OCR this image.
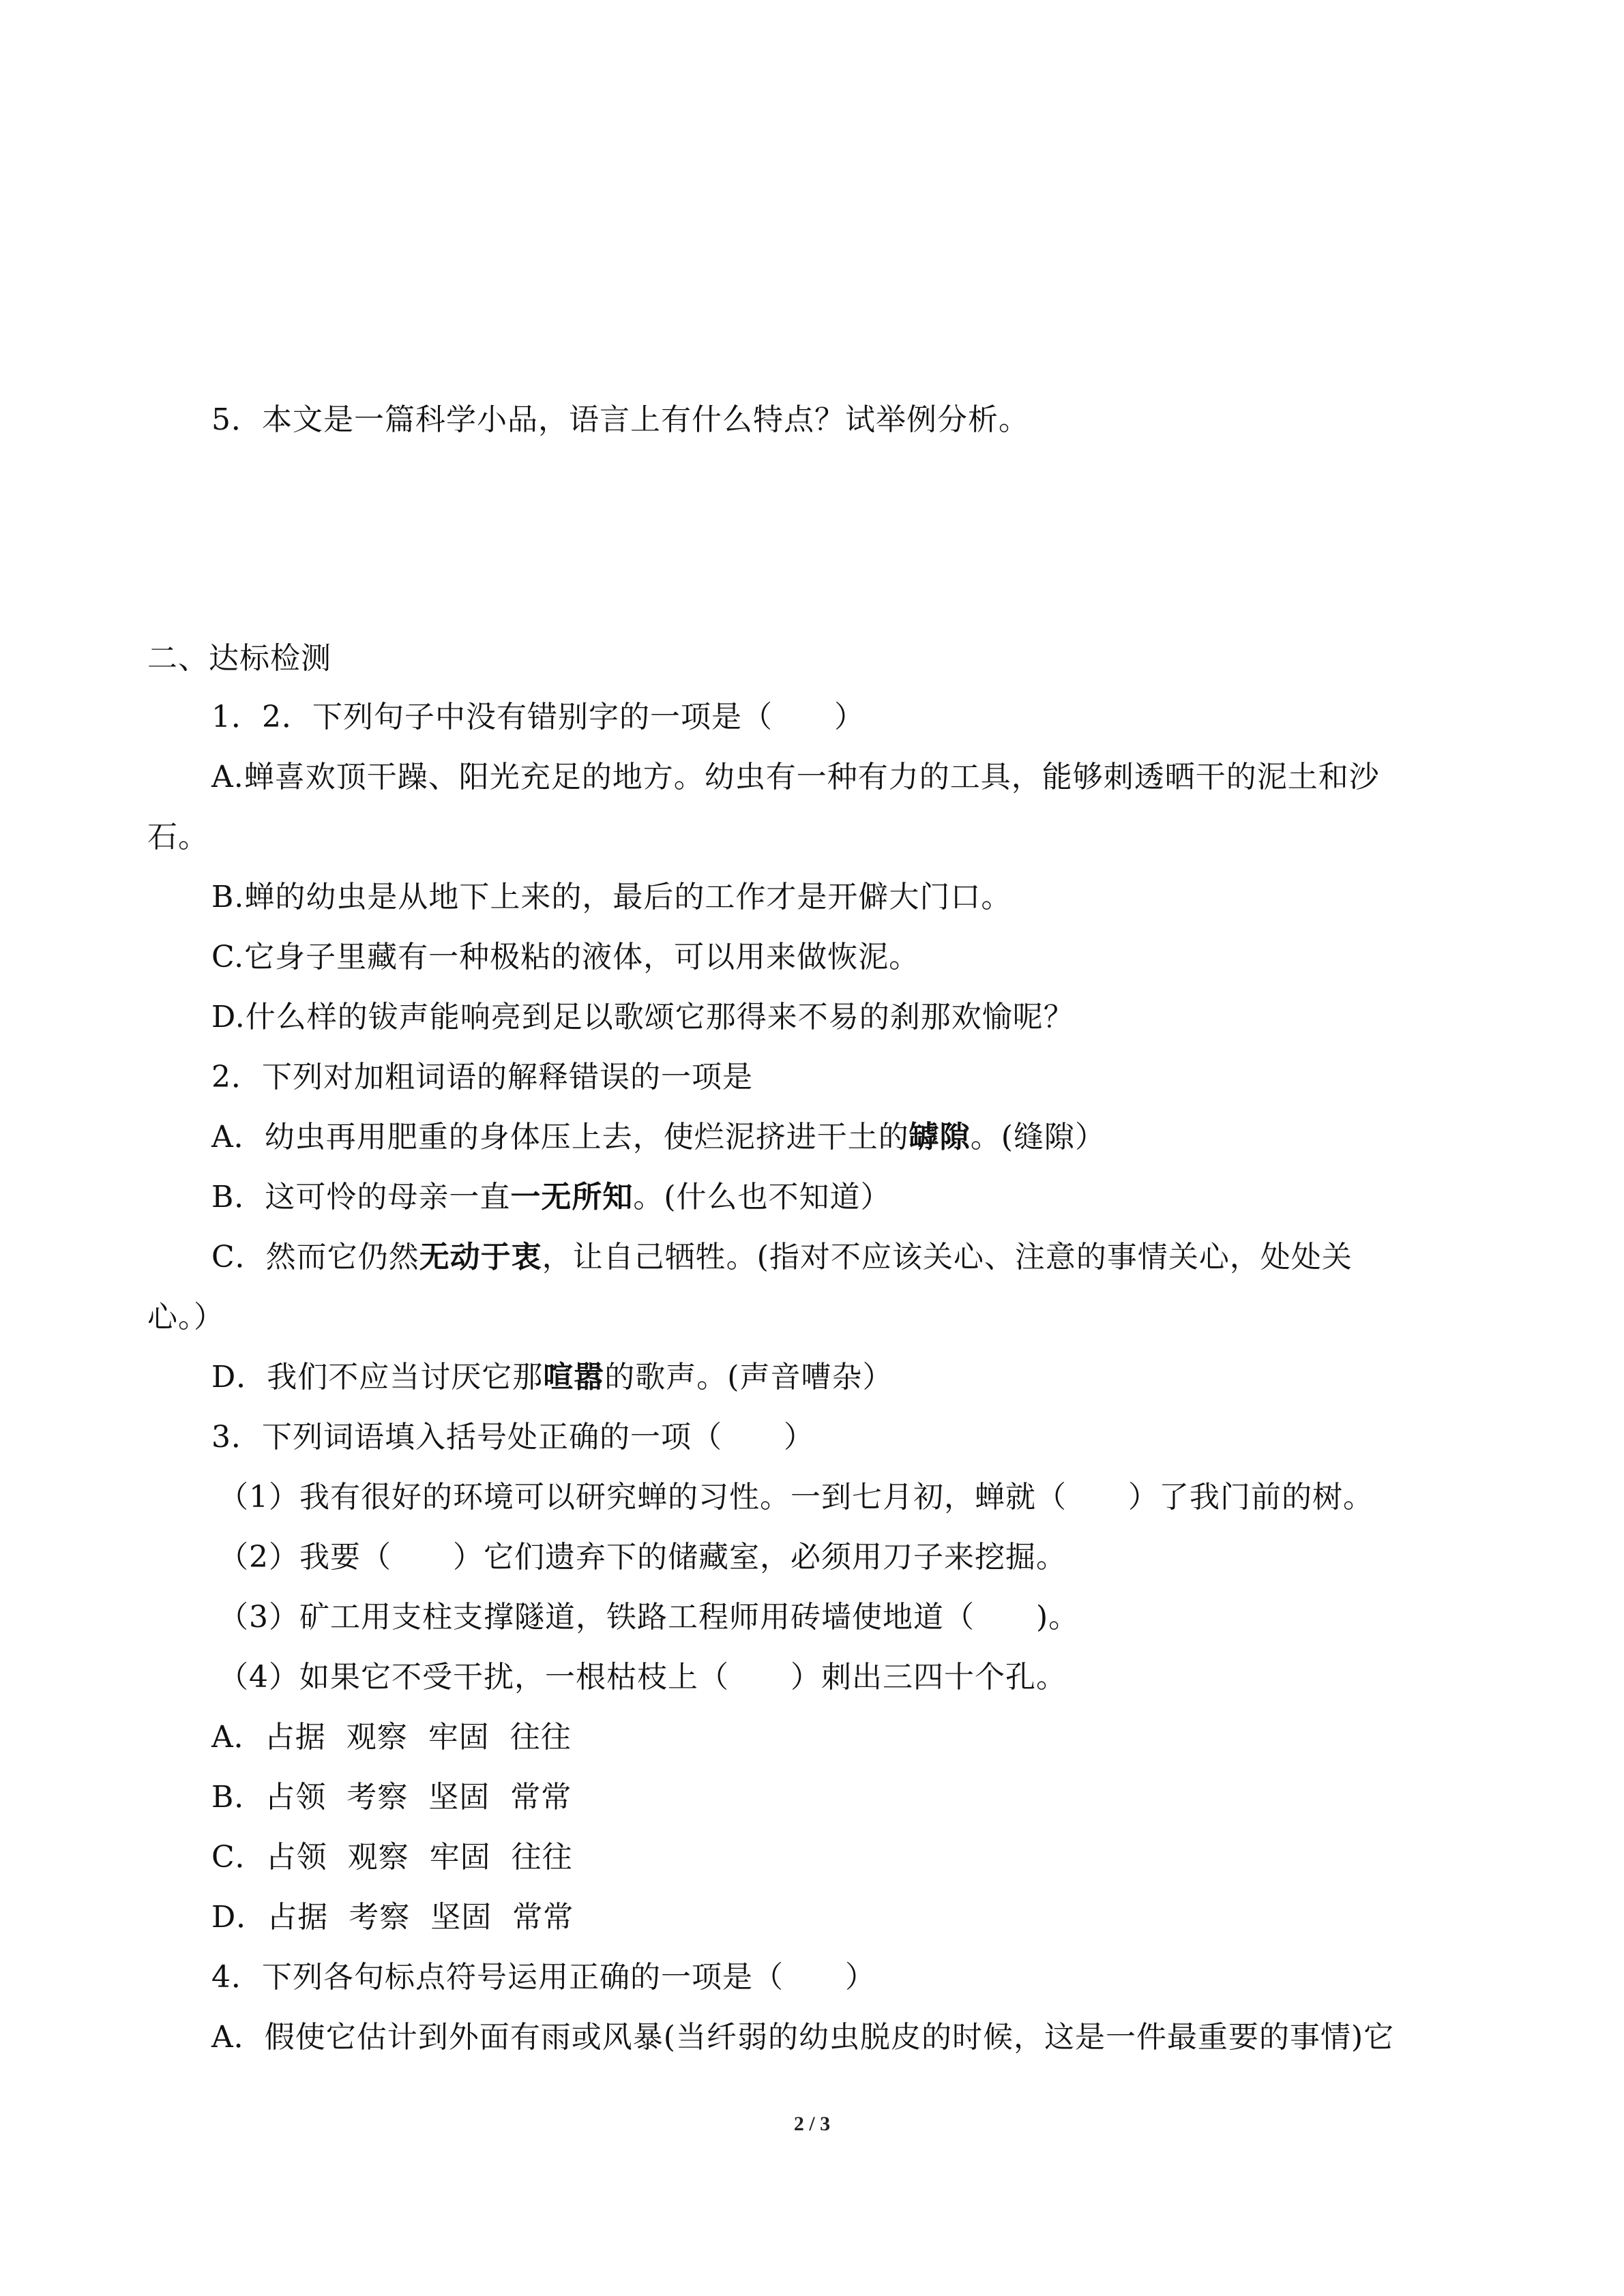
5．本文是一篇科学小品，语言上有什么特点？试举例分析。
二、达标检测
1．2．下列句子中没有错别字的一项是（　　）
A.蝉喜欢顶干躁、阳光充足的地方。幼虫有一种有力的工具，能够刺透晒干的泥土和沙
石。
B.蝉的幼虫是从地下上来的，最后的工作才是开僻大门口。
C.它身子里藏有一种极粘的液体，可以用来做恢泥。
D.什么样的钹声能响亮到足以歌颂它那得来不易的刹那欢愉呢？
2．下列对加粗词语的解释错误的一项是
A．幼虫再用肥重的身体压上去，使烂泥挤进干土的罅隙。(缝隙）
B．这可怜的母亲一直一无所知。(什么也不知道）
C．然而它仍然无动于衷，让自己牺牲。(指对不应该关心、注意的事情关心，处处关
心。）
D．我们不应当讨厌它那喧嚣的歌声。(声音嘈杂）
3．下列词语填入括号处正确的一项（　　）
（1）我有很好的环境可以研究蝉的习性。一到七月初，蝉就（　　）了我门前的树。
（2）我要（　　）它们遗弃下的储藏室，必须用刀子来挖掘。
（3）矿工用支柱支撑隧道，铁路工程师用砖墙使地道（　　)。
（4）如果它不受干扰，一根枯枝上（　　）刺出三四十个孔。
A．占据  观察  牢固  往往
B．占领  考察  坚固  常常
C．占领  观察  牢固  往往
D．占据  考察  坚固  常常
4．下列各句标点符号运用正确的一项是（　　）
A．假使它估计到外面有雨或风暴(当纤弱的幼虫脱皮的时候，这是一件最重要的事情)它
2 / 3
